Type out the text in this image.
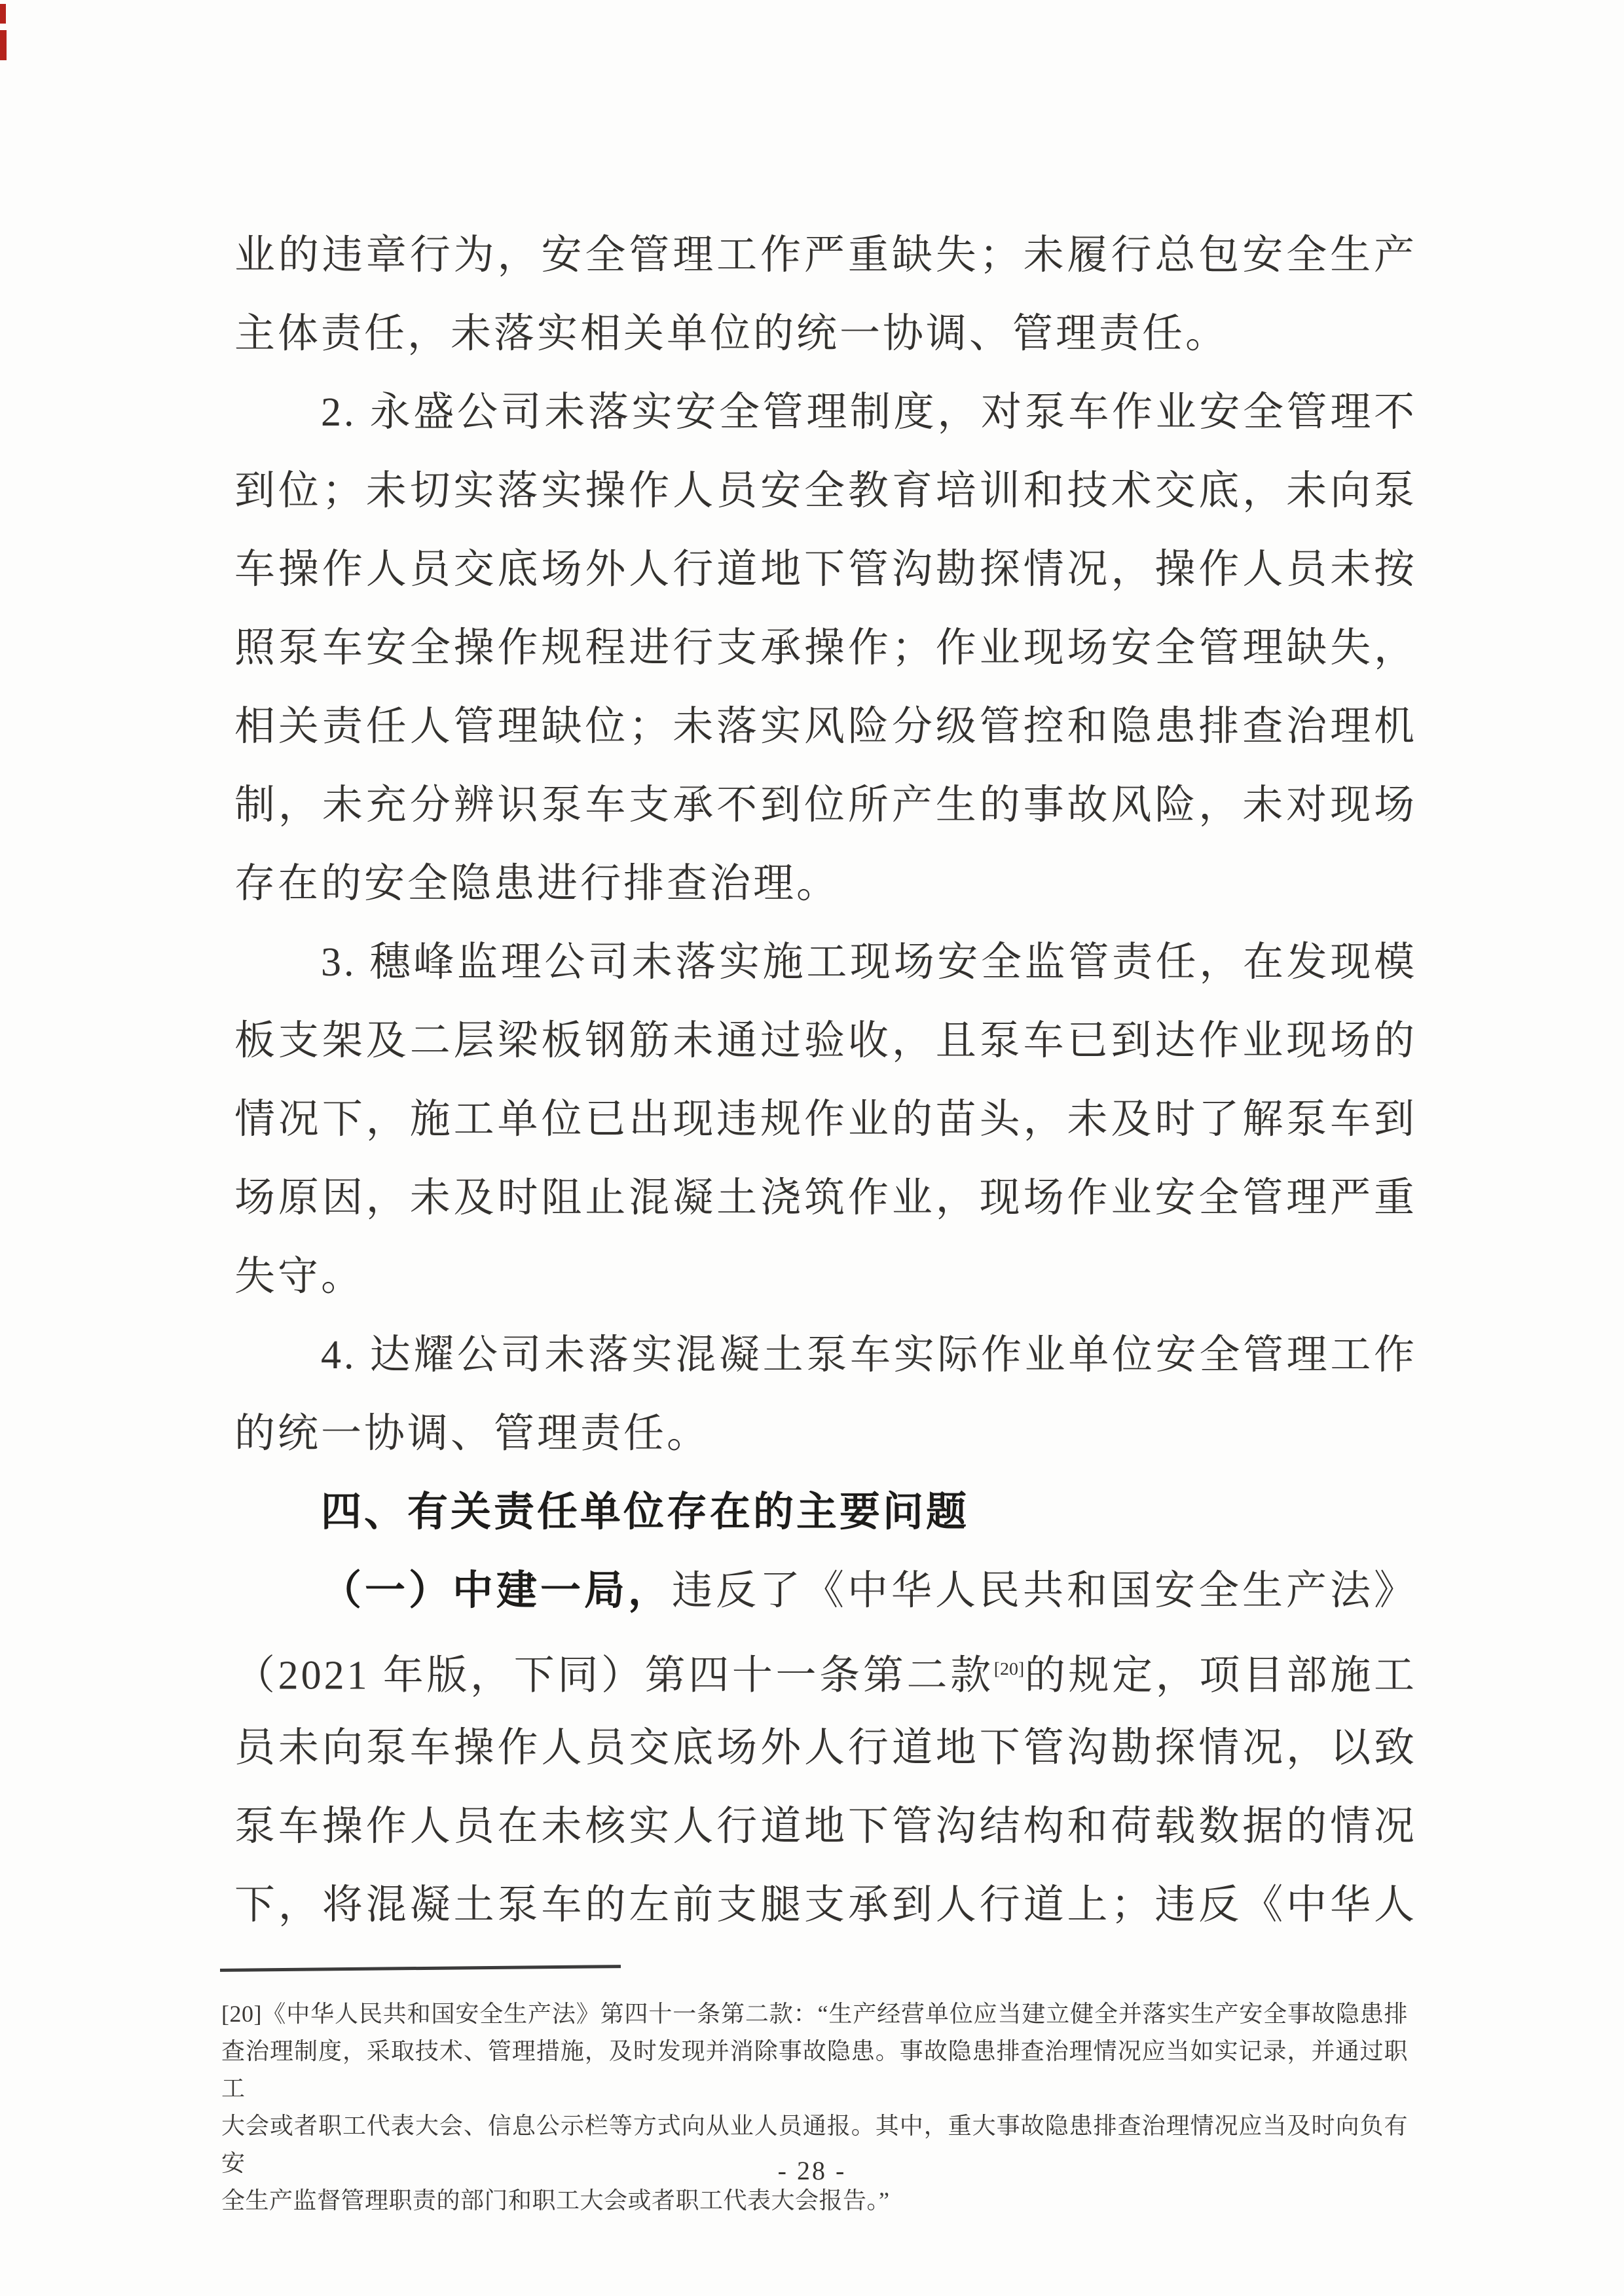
业的违章行为，安全管理工作严重缺失；未履行总包安全生产
主体责任，未落实相关单位的统一协调、管理责任。
2. 永盛公司未落实安全管理制度，对泵车作业安全管理不
到位；未切实落实操作人员安全教育培训和技术交底，未向泵
车操作人员交底场外人行道地下管沟勘探情况，操作人员未按
照泵车安全操作规程进行支承操作；作业现场安全管理缺失，
相关责任人管理缺位；未落实风险分级管控和隐患排查治理机
制，未充分辨识泵车支承不到位所产生的事故风险，未对现场
存在的安全隐患进行排查治理。
3. 穗峰监理公司未落实施工现场安全监管责任，在发现模
板支架及二层梁板钢筋未通过验收，且泵车已到达作业现场的
情况下，施工单位已出现违规作业的苗头，未及时了解泵车到
场原因，未及时阻止混凝土浇筑作业，现场作业安全管理严重
失守。
4. 达耀公司未落实混凝土泵车实际作业单位安全管理工作
的统一协调、管理责任。
四、有关责任单位存在的主要问题
（一）中建一局，违反了《中华人民共和国安全生产法》
（2021 年版，下同）第四十一条第二款[20]的规定，项目部施工
员未向泵车操作人员交底场外人行道地下管沟勘探情况，以致
泵车操作人员在未核实人行道地下管沟结构和荷载数据的情况
下，将混凝土泵车的左前支腿支承到人行道上；违反《中华人
[20]《中华人民共和国安全生产法》第四十一条第二款：“生产经营单位应当建立健全并落实生产安全事故隐患排
查治理制度，采取技术、管理措施，及时发现并消除事故隐患。事故隐患排查治理情况应当如实记录，并通过职工
大会或者职工代表大会、信息公示栏等方式向从业人员通报。其中，重大事故隐患排查治理情况应当及时向负有安
全生产监督管理职责的部门和职工大会或者职工代表大会报告。”
- 28 -
